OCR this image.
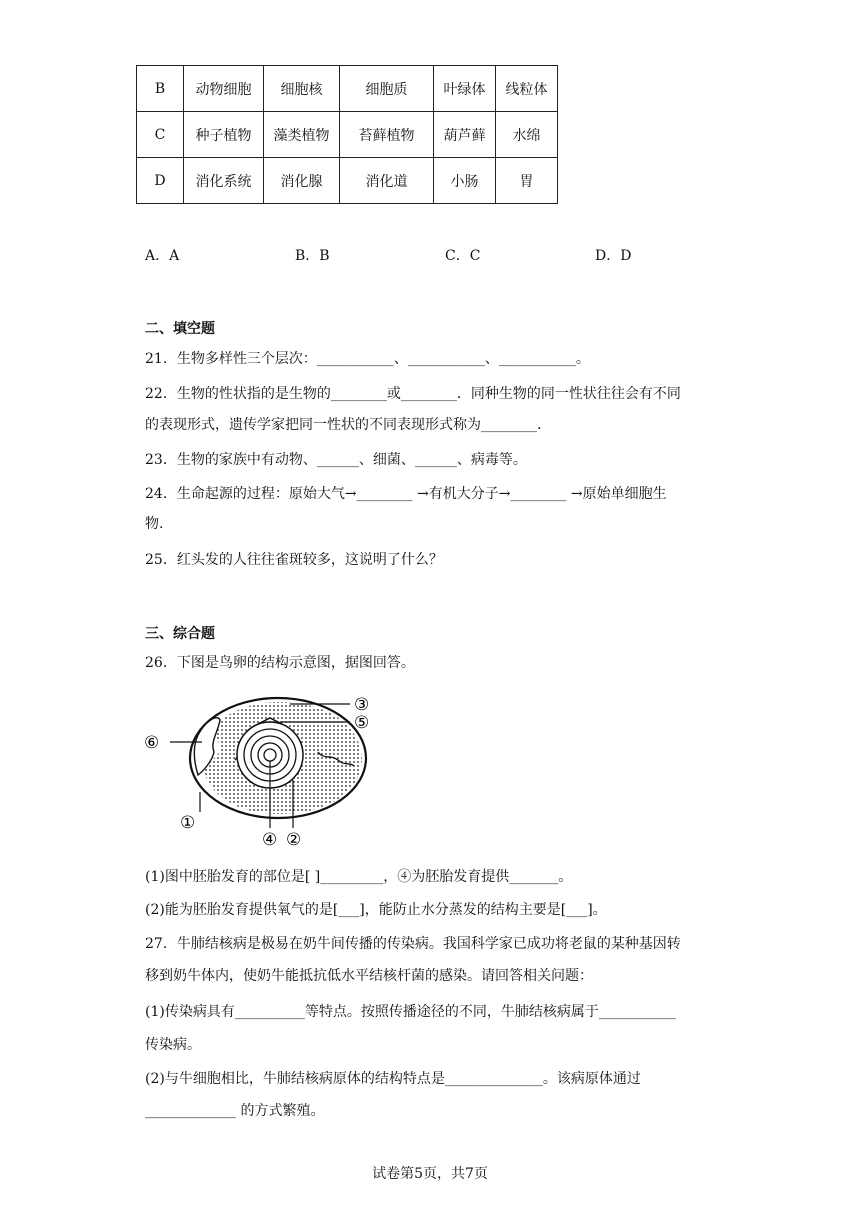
B	动物细胞	细胞核	细胞质	叶绿体	线粒体
C	种子植物	藻类植物	苔藓植物	葫芦藓	水绵
D	消化系统	消化腺	消化道	小肠	胃
A．A	B．B	C．C	D．D
二、填空题
21．生物多样性三个层次：___________、___________、___________。
22．生物的性状指的是生物的________或________．同种生物的同一性状往往会有不同
的表现形式，遗传学家把同一性状的不同表现形式称为________.
23．生物的家族中有动物、______、细菌、______、病毒等。
24．生命起源的过程：原始大气→________ →有机大分子→________ →原始单细胞生
物.
25．红头发的人往往雀斑较多，这说明了什么？
三、综合题
26．下图是鸟卵的结构示意图，据图回答。
③
⑤
⑥
①
④ ②
(1)图中胚胎发育的部位是[ ]_________，④为胚胎发育提供_______。
(2)能为胚胎发育提供氧气的是[___]，能防止水分蒸发的结构主要是[___]。
27．牛肺结核病是极易在奶牛间传播的传染病。我国科学家已成功将老鼠的某种基因转
移到奶牛体内，使奶牛能抵抗低水平结核杆菌的感染。请回答相关问题：
(1)传染病具有__________等特点。按照传播途径的不同，牛肺结核病属于___________
传染病。
(2)与牛细胞相比，牛肺结核病原体的结构特点是______________。该病原体通过
_____________ 的方式繁殖。
试卷第5页，共7页
